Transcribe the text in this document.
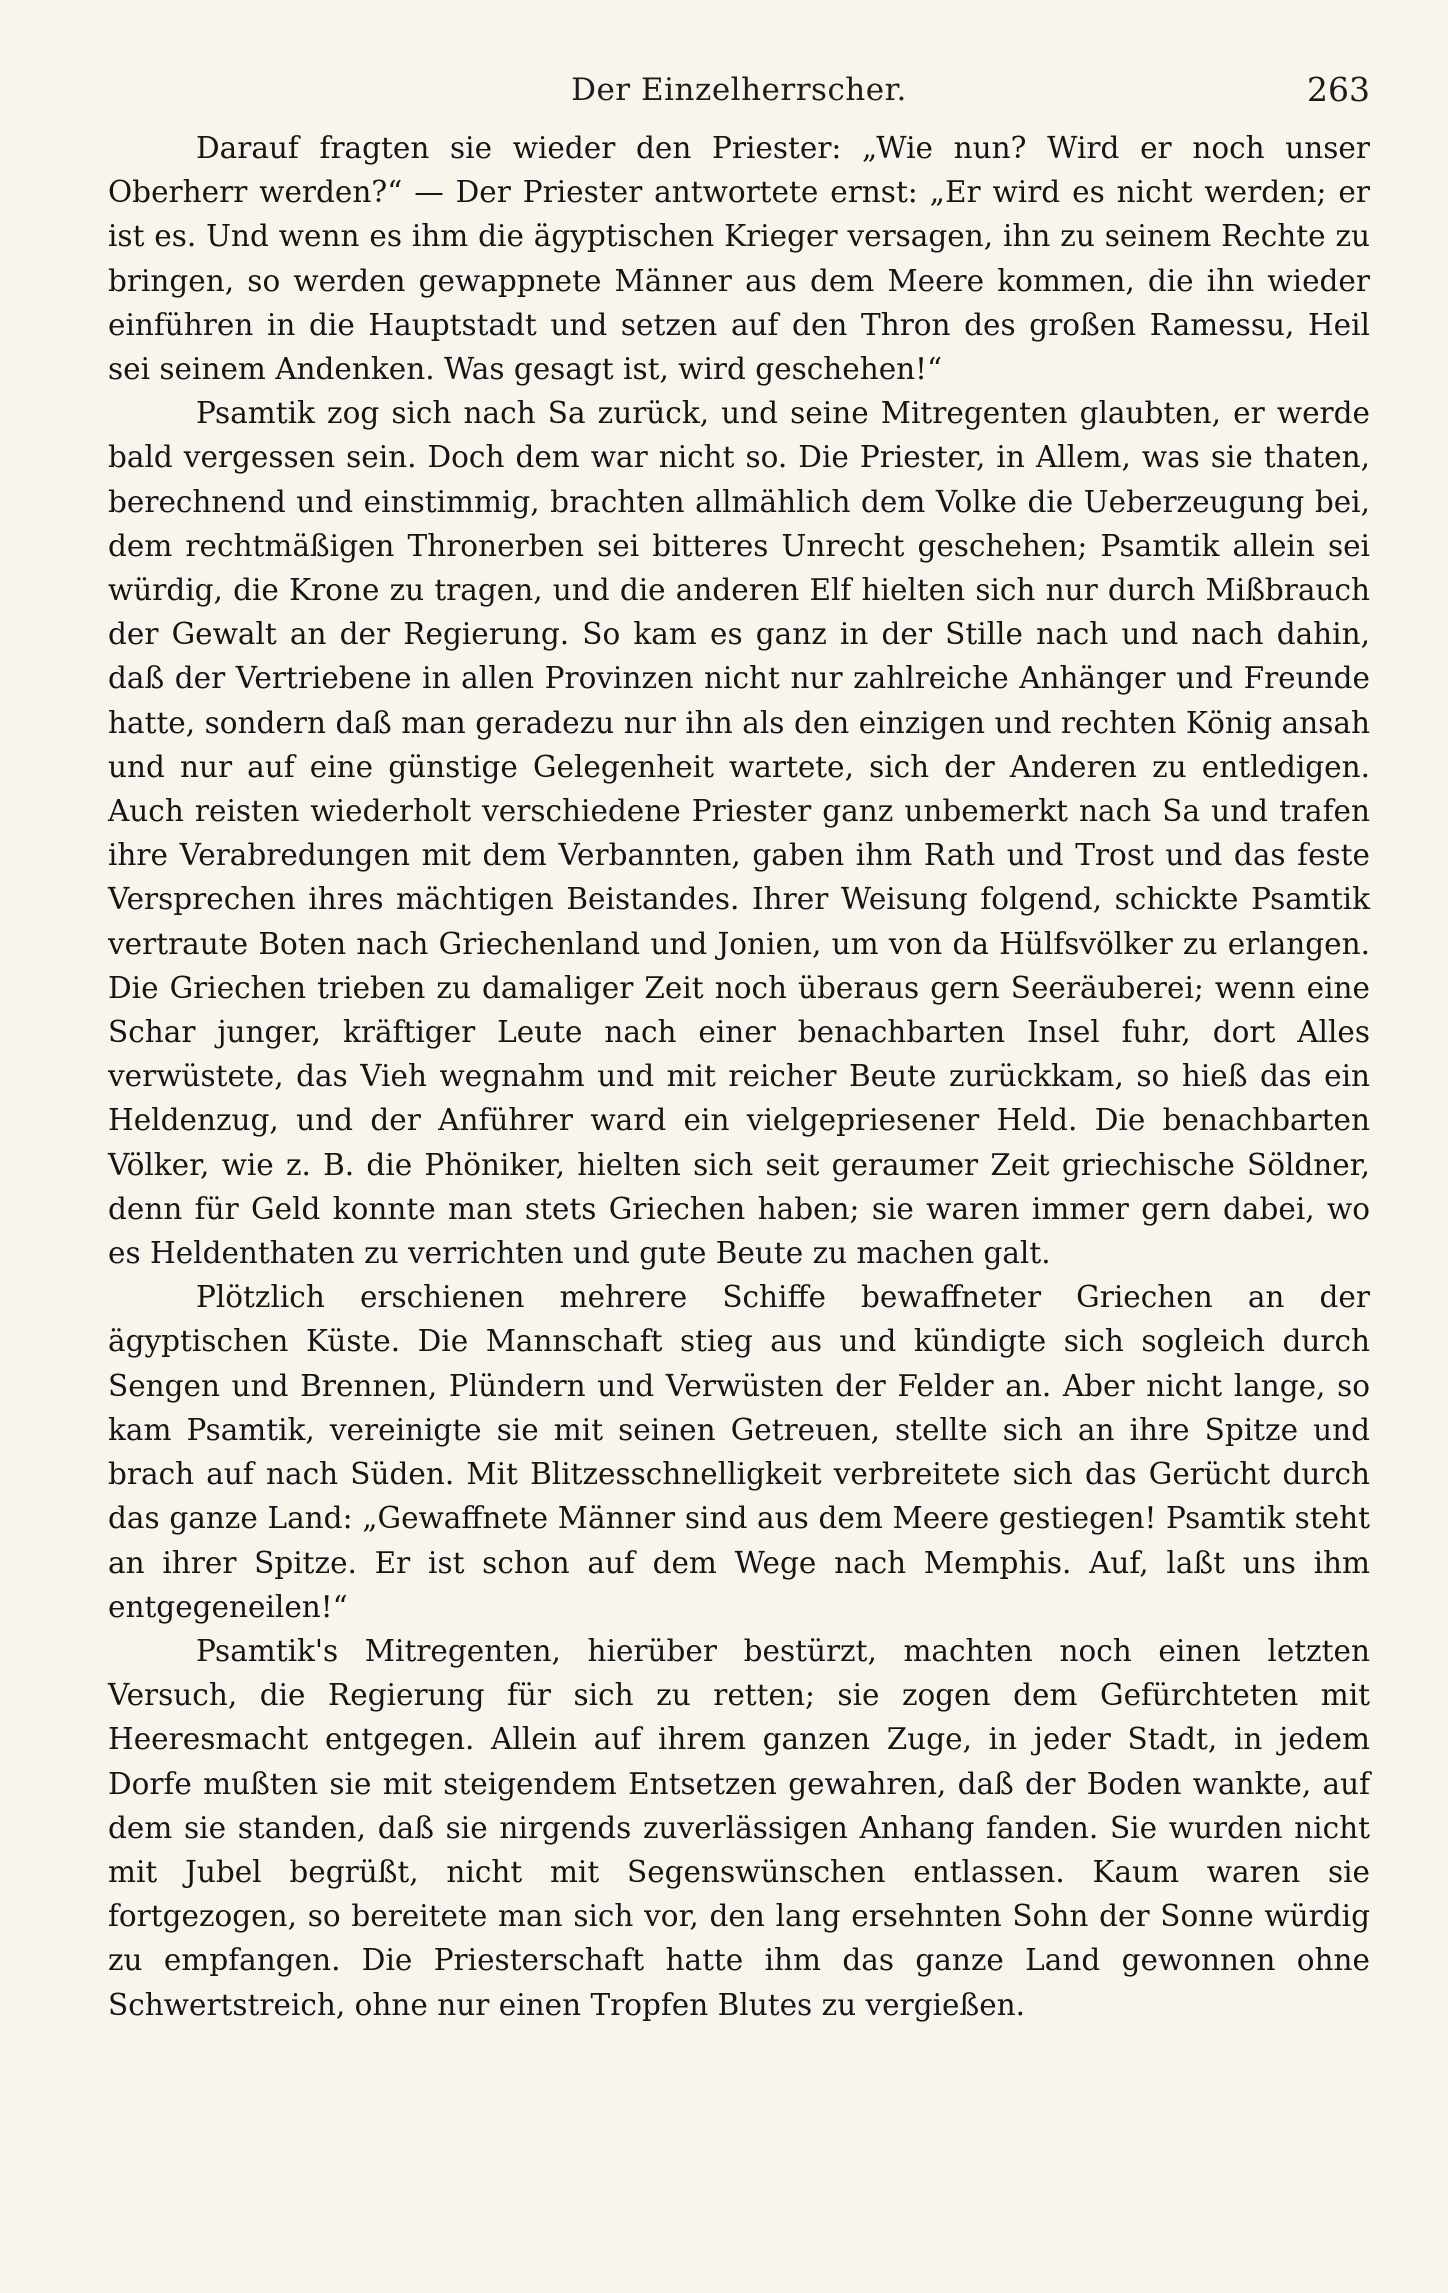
Der Einzelherrscher.	263

Darauf fragten sie wieder den Priester: „Wie nun? Wird er noch unser Oberherr werden?“ — Der Priester antwortete ernst: „Er wird es nicht werden; er ist es. Und wenn es ihm die ägyptischen Krieger versagen, ihn zu seinem Rechte zu bringen, so werden gewappnete Männer aus dem Meere kommen, die ihn wieder einführen in die Hauptstadt und setzen auf den Thron des großen Ramessu, Heil sei seinem Andenken. Was gesagt ist, wird geschehen!“

Psamtik zog sich nach Sa zurück, und seine Mitregenten glaubten, er werde bald vergessen sein. Doch dem war nicht so. Die Priester, in Allem, was sie thaten, berechnend und einstimmig, brachten allmählich dem Volke die Ueberzeugung bei, dem rechtmäßigen Thronerben sei bitteres Unrecht geschehen; Psamtik allein sei würdig, die Krone zu tragen, und die anderen Elf hielten sich nur durch Mißbrauch der Gewalt an der Regierung. So kam es ganz in der Stille nach und nach dahin, daß der Vertriebene in allen Provinzen nicht nur zahlreiche Anhänger und Freunde hatte, sondern daß man geradezu nur ihn als den einzigen und rechten König ansah und nur auf eine günstige Gelegenheit wartete, sich der Anderen zu entledigen. Auch reisten wiederholt verschiedene Priester ganz unbemerkt nach Sa und trafen ihre Verabredungen mit dem Verbannten, gaben ihm Rath und Trost und das feste Versprechen ihres mächtigen Beistandes. Ihrer Weisung folgend, schickte Psamtik vertraute Boten nach Griechenland und Jonien, um von da Hülfsvölker zu erlangen. Die Griechen trieben zu damaliger Zeit noch überaus gern Seeräuberei; wenn eine Schar junger, kräftiger Leute nach einer benachbarten Insel fuhr, dort Alles verwüstete, das Vieh wegnahm und mit reicher Beute zurückkam, so hieß das ein Heldenzug, und der Anführer ward ein vielgepriesener Held. Die benachbarten Völker, wie z. B. die Phöniker, hielten sich seit geraumer Zeit griechische Söldner, denn für Geld konnte man stets Griechen haben; sie waren immer gern dabei, wo es Heldenthaten zu verrichten und gute Beute zu machen galt.

Plötzlich erschienen mehrere Schiffe bewaffneter Griechen an der ägyptischen Küste. Die Mannschaft stieg aus und kündigte sich sogleich durch Sengen und Brennen, Plündern und Verwüsten der Felder an. Aber nicht lange, so kam Psamtik, vereinigte sie mit seinen Getreuen, stellte sich an ihre Spitze und brach auf nach Süden. Mit Blitzesschnelligkeit verbreitete sich das Gerücht durch das ganze Land: „Gewaffnete Männer sind aus dem Meere gestiegen! Psamtik steht an ihrer Spitze. Er ist schon auf dem Wege nach Memphis. Auf, laßt uns ihm entgegeneilen!“

Psamtik's Mitregenten, hierüber bestürzt, machten noch einen letzten Versuch, die Regierung für sich zu retten; sie zogen dem Gefürchteten mit Heeresmacht entgegen. Allein auf ihrem ganzen Zuge, in jeder Stadt, in jedem Dorfe mußten sie mit steigendem Entsetzen gewahren, daß der Boden wankte, auf dem sie standen, daß sie nirgends zuverlässigen Anhang fanden. Sie wurden nicht mit Jubel begrüßt, nicht mit Segenswünschen entlassen. Kaum waren sie fortgezogen, so bereitete man sich vor, den lang ersehnten Sohn der Sonne würdig zu empfangen. Die Priesterschaft hatte ihm das ganze Land gewonnen ohne Schwertstreich, ohne nur einen Tropfen Blutes zu vergießen.
